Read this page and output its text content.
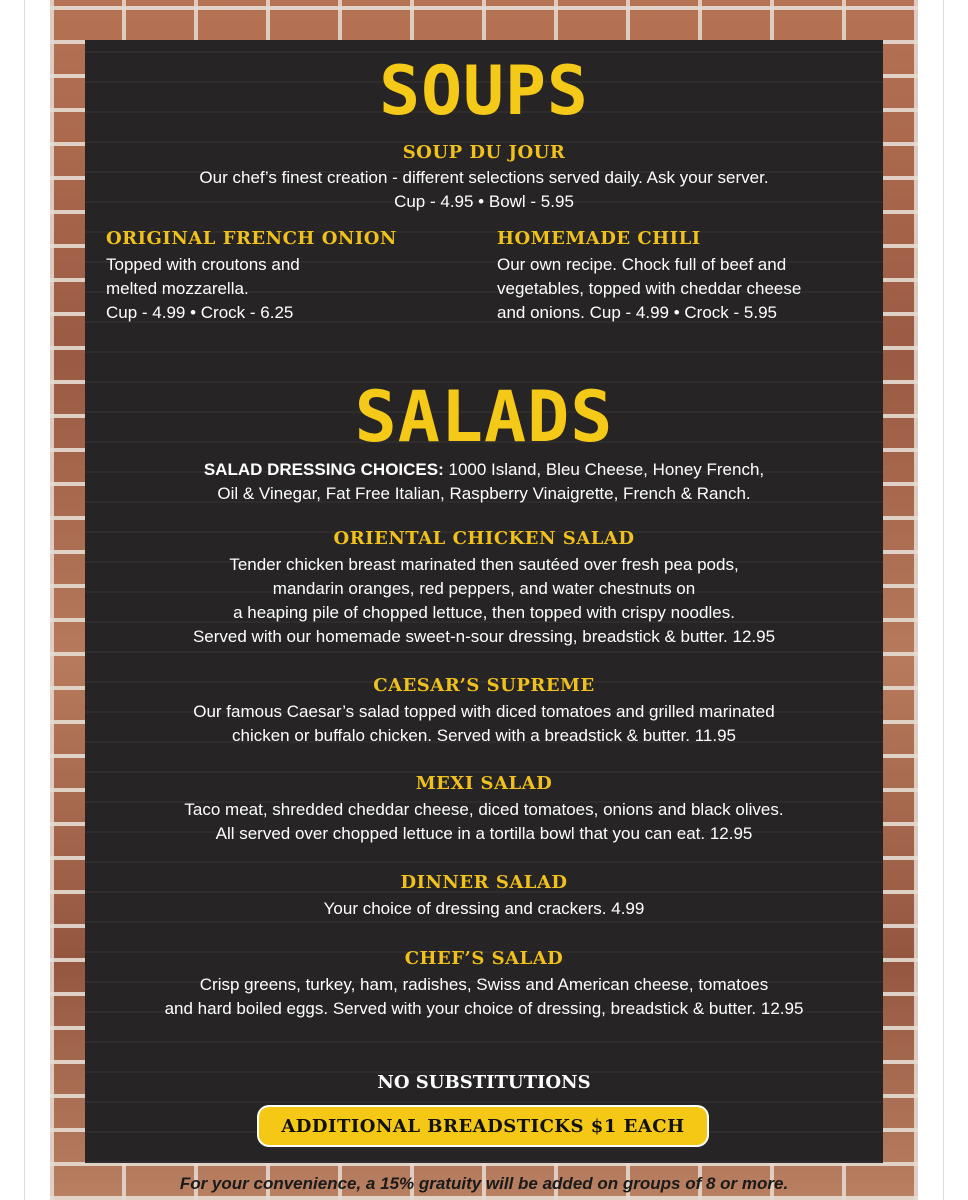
SOUPS
SOUP DU JOUR
Our chef’s finest creation - different selections served daily. Ask your server.
Cup - 4.95 • Bowl - 5.95
ORIGINAL FRENCH ONION
Topped with croutons and
melted mozzarella.
Cup - 4.99 • Crock - 6.25
HOMEMADE CHILI
Our own recipe. Chock full of beef and
vegetables, topped with cheddar cheese
and onions. Cup - 4.99 • Crock - 5.95
SALADS
SALAD DRESSING CHOICES: 1000 Island, Bleu Cheese, Honey French,
Oil & Vinegar, Fat Free Italian, Raspberry Vinaigrette, French & Ranch.
ORIENTAL CHICKEN SALAD
Tender chicken breast marinated then sautéed over fresh pea pods,
mandarin oranges, red peppers, and water chestnuts on
a heaping pile of chopped lettuce, then topped with crispy noodles.
Served with our homemade sweet-n-sour dressing, breadstick & butter. 12.95
CAESAR’S SUPREME
Our famous Caesar’s salad topped with diced tomatoes and grilled marinated
chicken or buffalo chicken. Served with a breadstick & butter. 11.95
MEXI SALAD
Taco meat, shredded cheddar cheese, diced tomatoes, onions and black olives.
All served over chopped lettuce in a tortilla bowl that you can eat. 12.95
DINNER SALAD
Your choice of dressing and crackers. 4.99
CHEF’S SALAD
Crisp greens, turkey, ham, radishes, Swiss and American cheese, tomatoes
and hard boiled eggs. Served with your choice of dressing, breadstick & butter. 12.95
NO SUBSTITUTIONS
ADDITIONAL BREADSTICKS $1 EACH
For your convenience, a 15% gratuity will be added on groups of 8 or more.
